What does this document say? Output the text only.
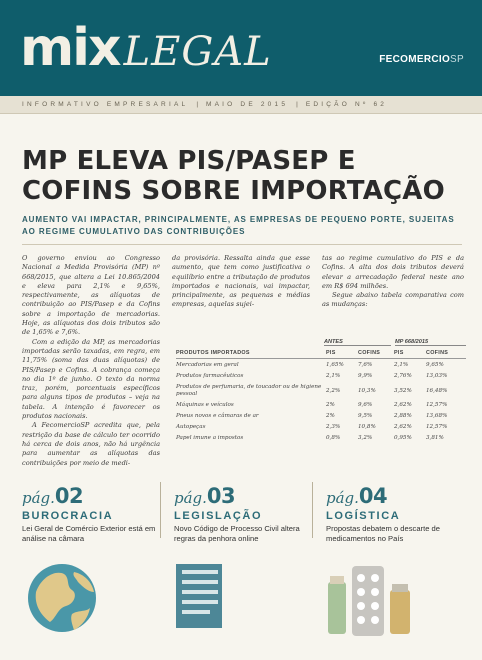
mix LEGAL	FECOMERCIOSP
INFORMATIVO EMPRESARIAL | MAIO DE 2015 | EDIÇÃO Nº 62
MP ELEVA PIS/PASEP E COFINS SOBRE IMPORTAÇÃO
AUMENTO VAI IMPACTAR, PRINCIPALMENTE, AS EMPRESAS DE PEQUENO PORTE, SUJEITAS AO REGIME CUMULATIVO DAS CONTRIBUIÇÕES

O governo enviou ao Congresso Nacional a Medida Provisória (MP) nº 668/2015, que altera a Lei 10.865/2004 e eleva para 2,1% e 9,65%, respectivamente, as alíquotas de contribuição ao PIS/Pasep e da Cofins sobre a importação de mercadorias. Hoje, as alíquotas dos dois tributos são de 1,65% e 7,6%.

Com a edição da MP, as mercadorias importadas serão taxadas, em regra, em 11,75% (soma das duas alíquotas) de PIS/Pasep e Cofins. A cobrança começa no dia 1º de junho. O texto da norma traz, porém, porcentuais específicos para alguns tipos de produtos – veja na tabela. A intenção é favorecer os produtos nacionais.

A FecomercioSP acredita que, pela restrição da base de cálculo ter ocorrido há cerca de dois anos, não há urgência para aumentar as alíquotas das contribuições por meio de medi-

da provisória. Ressalta ainda que esse aumento, que tem como justificativa o equilíbrio entre a tributação de produtos importados e nacionais, vai impactar, principalmente, as pequenas e médias empresas, aquelas sujei-

tas ao regime cumulativo do PIS e da Cofins. A alta dos dois tributos deverá elevar a arrecadação federal neste ano em R$ 694 milhões.

Segue abaixo tabela comparativa com as mudanças:

ANTES	MP 668/2015
PRODUTOS IMPORTADOS	PIS	COFINS	PIS	COFINS
Mercadorias em geral	1,65%	7,6%	2,1%	9,65%
Produtos farmacêuticos	2,1%	9,9%	2,76%	13,03%
Produtos de perfumaria, de toucador ou de higiene pessoal	2,2%	10,3%	3,52%	16,48%
Máquinas e veículos	2%	9,6%	2,62%	12,57%
Pneus novos e câmaras de ar	2%	9,5%	2,88%	13,68%
Autopeças	2,3%	10,8%	2,62%	12,57%
Papel imune a impostos	0,8%	3,2%	0,95%	3,81%
pág. 02
BUROCRACIA
Lei Geral de Comércio Exterior está em análise na câmara
pág. 03
LEGISLAÇÃO
Novo Código de Processo Civil altera regras da penhora online
pág. 04
LOGÍSTICA
Propostas debatem o descarte de medicamentos no País
